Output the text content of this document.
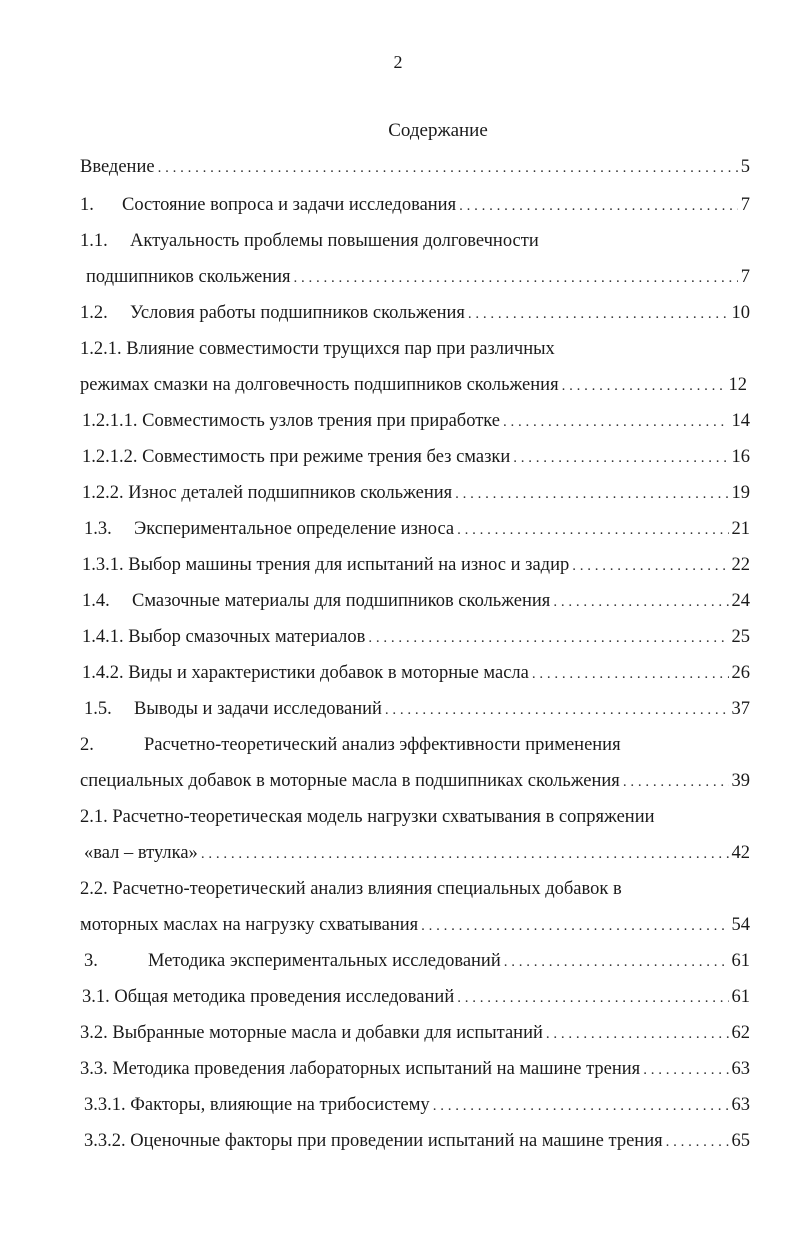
2
Содержание
Введение . . .	5
1.	Состояние вопроса и задачи исследования . . .	7
1.1.	Актуальность проблемы повышения долговечности
подшипников скольжения . . .	7
1.2.	Условия работы подшипников скольжения . . .	10
1.2.1. Влияние совместимости трущихся пар при различных
режимах смазки на долговечность подшипников скольжения . . .	12
1.2.1.1. Совместимость узлов трения при приработке . . .	14
1.2.1.2. Совместимость при режиме трения без смазки . . .	16
1.2.2. Износ деталей подшипников скольжения . . .	19
1.3.	Экспериментальное определение износа . . .	21
1.3.1. Выбор машины трения для испытаний на износ и задир . . .	22
1.4.	Смазочные материалы для подшипников скольжения . . .	24
1.4.1. Выбор смазочных материалов . . .	25
1.4.2. Виды и характеристики добавок в моторные масла . . .	26
1.5.	Выводы и задачи исследований . . .	37
2.	Расчетно-теоретический анализ эффективности применения
специальных добавок в моторные масла в подшипниках скольжения . . .	39
2.1. Расчетно-теоретическая модель нагрузки схватывания в сопряжении
«вал – втулка» . . .	42
2.2. Расчетно-теоретический анализ влияния специальных добавок в
моторных маслах на нагрузку схватывания . . .	54
3.	Методика экспериментальных исследований . . .	61
3.1. Общая методика проведения исследований . . .	61
3.2. Выбранные моторные масла и добавки для испытаний . . .	62
3.3. Методика проведения лабораторных испытаний на машине трения . . .	63
3.3.1. Факторы, влияющие на трибосистему . . .	63
3.3.2. Оценочные факторы при проведении испытаний на машине трения . . .	65
